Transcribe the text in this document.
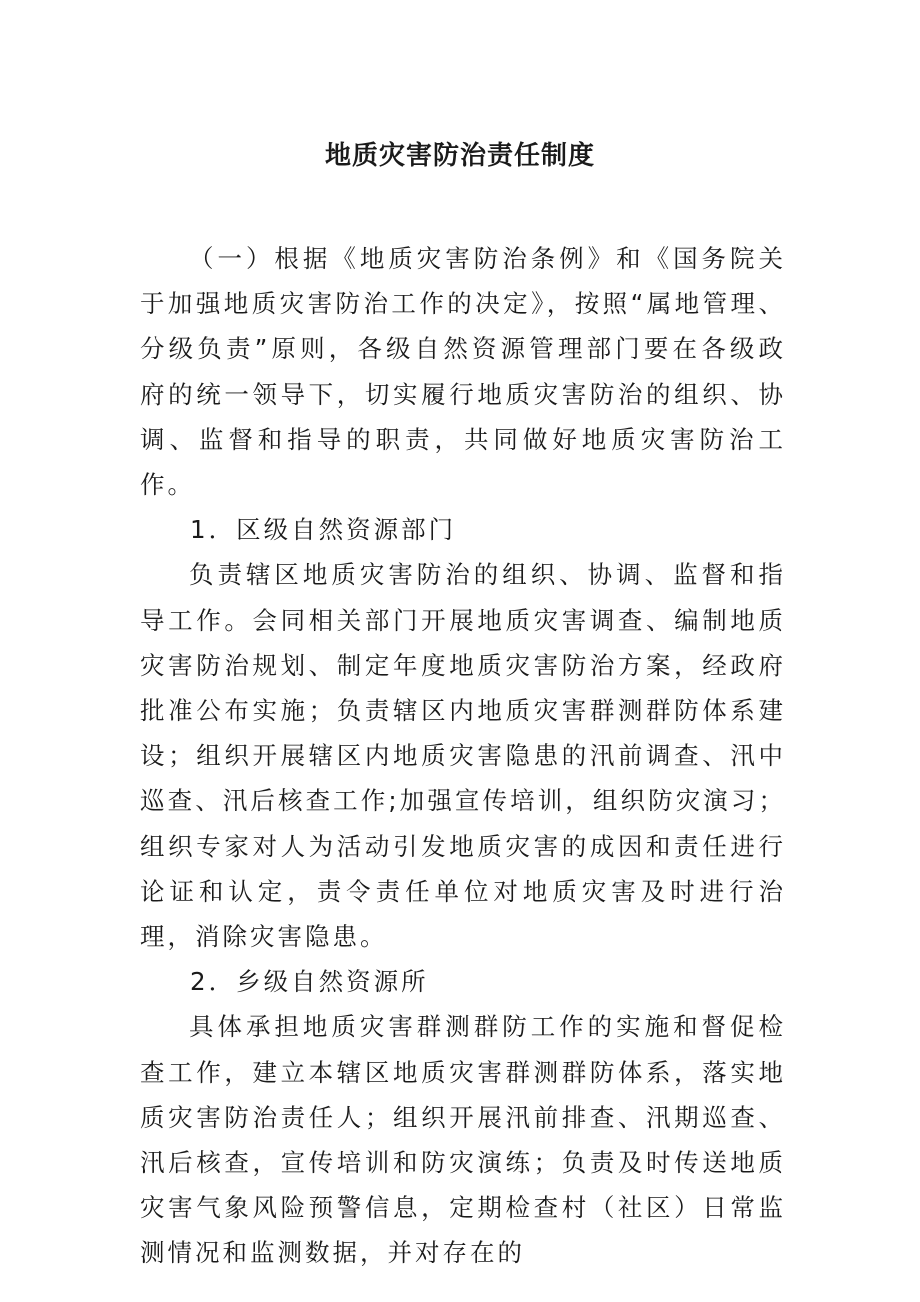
地质灾害防治责任制度

（一）根据《地质灾害防治条例》和《国务院关于加强地质灾害防治工作的决定》，按照“属地管理、分级负责”原则，各级自然资源管理部门要在各级政府的统一领导下，切实履行地质灾害防治的组织、协调、监督和指导的职责，共同做好地质灾害防治工作。

1．区级自然资源部门

负责辖区地质灾害防治的组织、协调、监督和指导工作。会同相关部门开展地质灾害调查、编制地质灾害防治规划、制定年度地质灾害防治方案，经政府批准公布实施；负责辖区内地质灾害群测群防体系建设；组织开展辖区内地质灾害隐患的汛前调查、汛中巡查、汛后核查工作;加强宣传培训，组织防灾演习；组织专家对人为活动引发地质灾害的成因和责任进行论证和认定，责令责任单位对地质灾害及时进行治理，消除灾害隐患。

2．乡级自然资源所

具体承担地质灾害群测群防工作的实施和督促检查工作，建立本辖区地质灾害群测群防体系，落实地质灾害防治责任人；组织开展汛前排查、汛期巡查、汛后核查，宣传培训和防灾演练；负责及时传送地质灾害气象风险预警信息，定期检查村（社区）日常监测情况和监测数据，并对存在的
